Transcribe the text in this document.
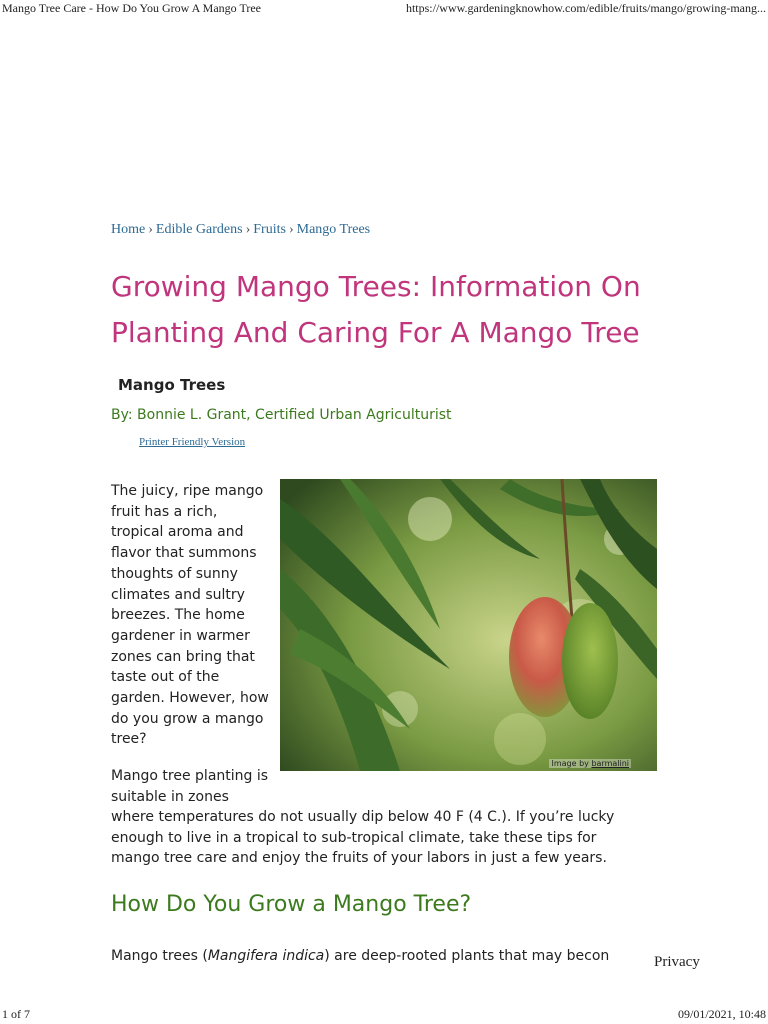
Mango Tree Care - How Do You Grow A Mango Tree	https://www.gardeningknowhow.com/edible/fruits/mango/growing-mang...
Home › Edible Gardens › Fruits › Mango Trees
Growing Mango Trees: Information On Planting And Caring For A Mango Tree
Mango Trees
By: Bonnie L. Grant, Certified Urban Agriculturist
Printer Friendly Version

The juicy, ripe mango fruit has a rich, tropical aroma and flavor that summons thoughts of sunny climates and sultry breezes. The home gardener in warmer zones can bring that taste out of the garden. However, how do you grow a mango tree?

Image by barmalini

Mango tree planting is suitable in zones

where temperatures do not usually dip below 40 F (4 C.). If you’re lucky enough to live in a tropical to sub-tropical climate, take these tips for mango tree care and enjoy the fruits of your labors in just a few years.

How Do You Grow a Mango Tree?

Mango trees (Mangifera indica) are deep-rooted plants that may becon	Privacy
1 of 7	09/01/2021, 10:48
